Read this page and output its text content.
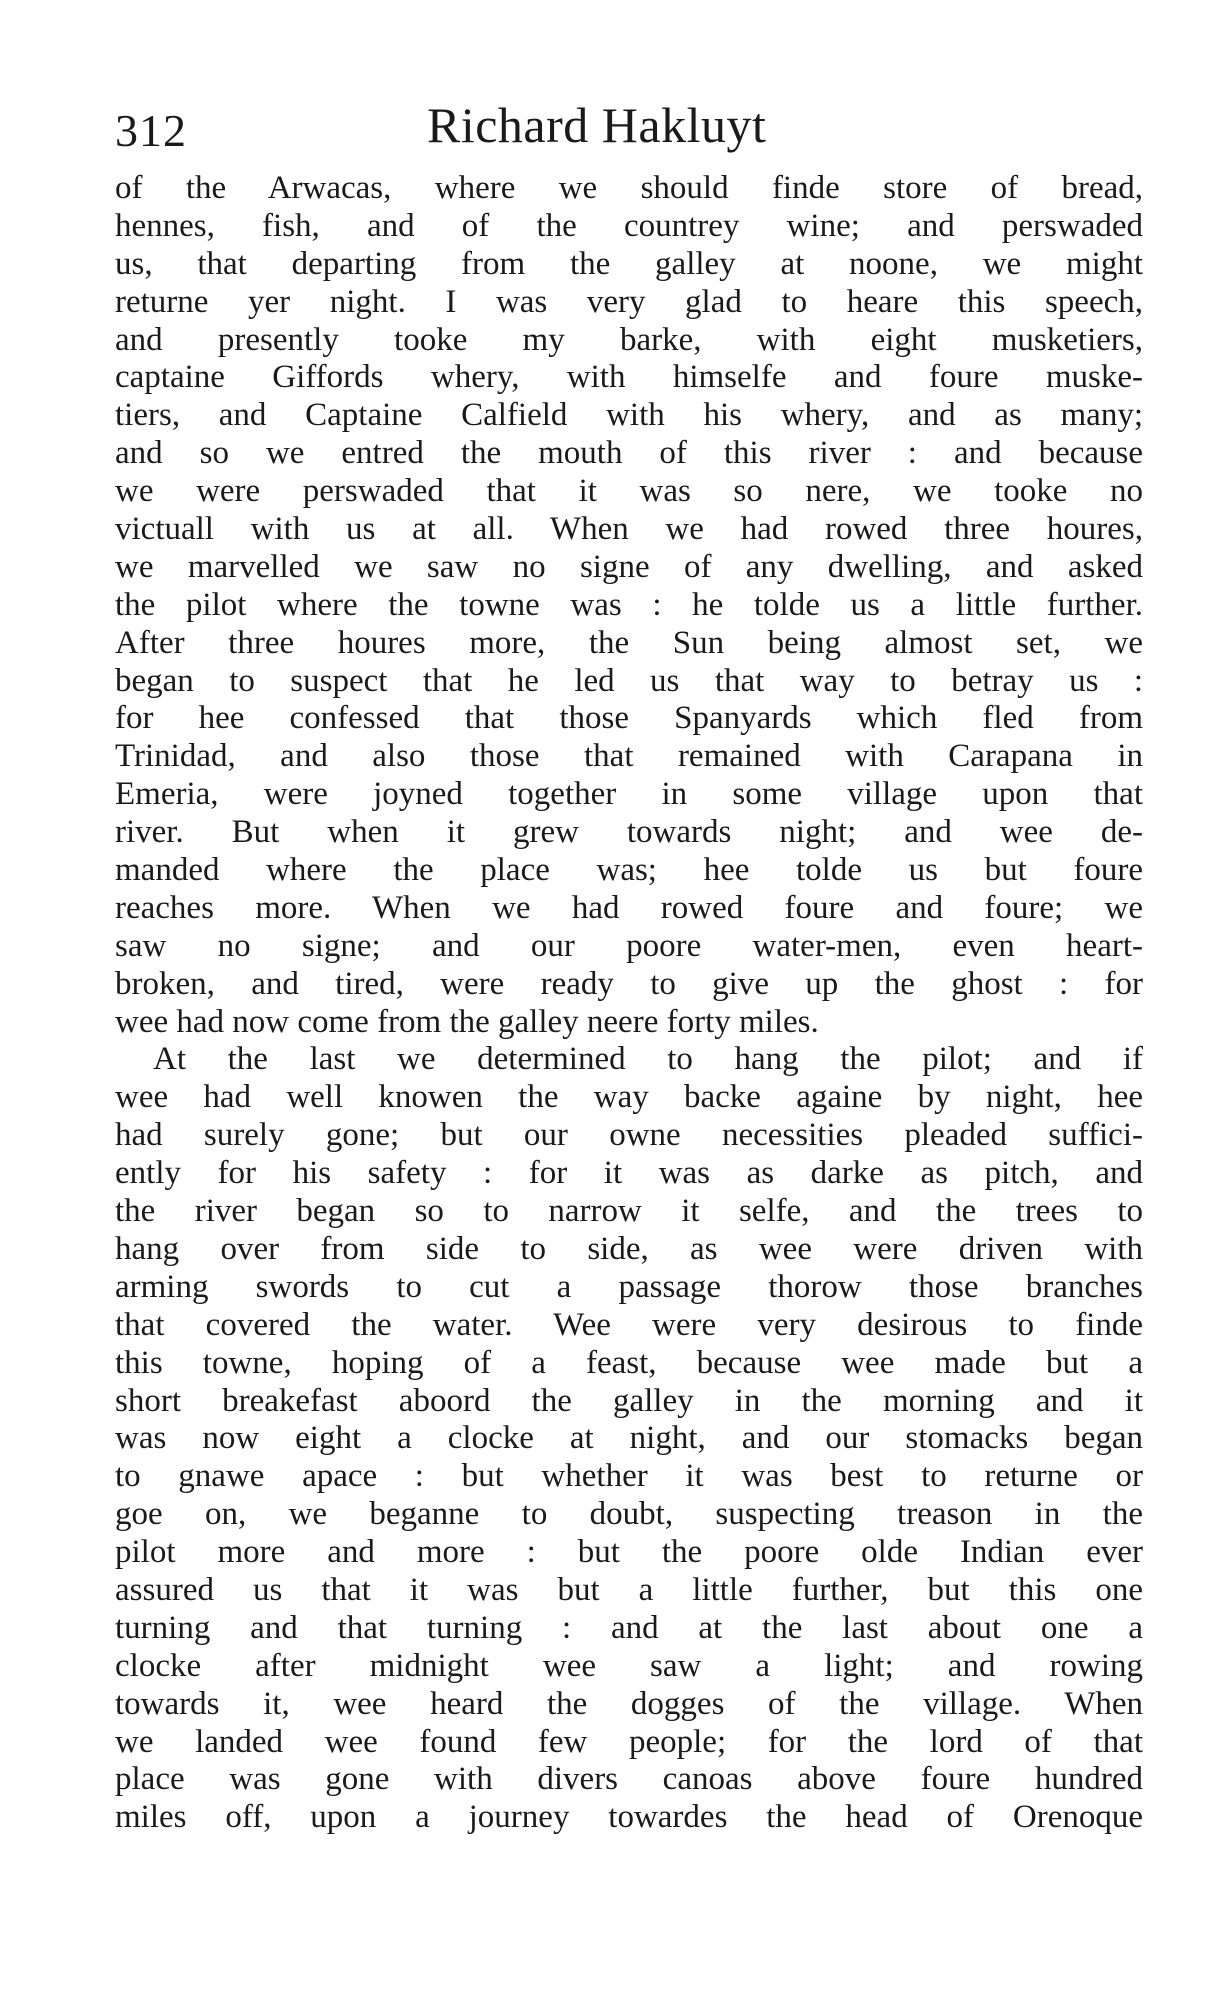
312	Richard Hakluyt
of the Arwacas, where we should finde store of bread,
hennes, fish, and of the countrey wine; and perswaded
us, that departing from the galley at noone, we might
returne yer night. I was very glad to heare this speech,
and presently tooke my barke, with eight musketiers,
captaine Giffords whery, with himselfe and foure muske-
tiers, and Captaine Calfield with his whery, and as many;
and so we entred the mouth of this river : and because
we were perswaded that it was so nere, we tooke no
victuall with us at all. When we had rowed three houres,
we marvelled we saw no signe of any dwelling, and asked
the pilot where the towne was : he tolde us a little further.
After three houres more, the Sun being almost set, we
began to suspect that he led us that way to betray us :
for hee confessed that those Spanyards which fled from
Trinidad, and also those that remained with Carapana in
Emeria, were joyned together in some village upon that
river. But when it grew towards night; and wee de-
manded where the place was; hee tolde us but foure
reaches more. When we had rowed foure and foure; we
saw no signe; and our poore water-men, even heart-
broken, and tired, were ready to give up the ghost : for
wee had now come from the galley neere forty miles.
At the last we determined to hang the pilot; and if
wee had well knowen the way backe againe by night, hee
had surely gone; but our owne necessities pleaded suffici-
ently for his safety : for it was as darke as pitch, and
the river began so to narrow it selfe, and the trees to
hang over from side to side, as wee were driven with
arming swords to cut a passage thorow those branches
that covered the water. Wee were very desirous to finde
this towne, hoping of a feast, because wee made but a
short breakefast aboord the galley in the morning and it
was now eight a clocke at night, and our stomacks began
to gnawe apace : but whether it was best to returne or
goe on, we beganne to doubt, suspecting treason in the
pilot more and more : but the poore olde Indian ever
assured us that it was but a little further, but this one
turning and that turning : and at the last about one a
clocke after midnight wee saw a light; and rowing
towards it, wee heard the dogges of the village. When
we landed wee found few people; for the lord of that
place was gone with divers canoas above foure hundred
miles off, upon a journey towardes the head of Orenoque
